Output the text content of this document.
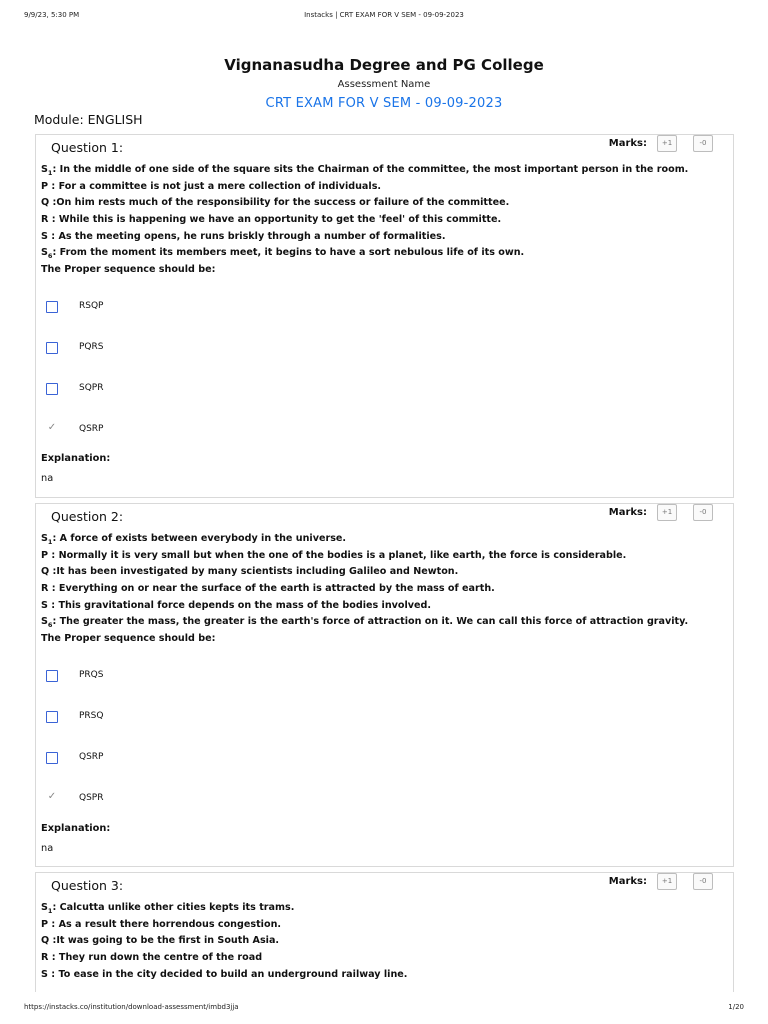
9/9/23, 5:30 PM	Instacks | CRT EXAM FOR V SEM - 09-09-2023
Vignanasudha Degree and PG College
Assessment Name
CRT EXAM FOR V SEM - 09-09-2023
Module: ENGLISH
Question 1:	Marks:	+1	-0
$S_1$: In the middle of one side of the square sits the Chairman of the committee, the most important person in the room.
P : For a committee is not just a mere collection of individuals.
Q :On him rests much of the responsibility for the success or failure of the committee.
R : While this is happening we have an opportunity to get the 'feel' of this committe.
S : As the meeting opens, he runs briskly through a number of formalities.
$S_6$: From the moment its members meet, it begins to have a sort nebulous life of its own.
The Proper sequence should be:
RSQP
PQRS
SQPR
✓	QSRP
Explanation:
na
Question 2:	Marks:	+1	-0
$S_1$: A force of exists between everybody in the universe.
P : Normally it is very small but when the one of the bodies is a planet, like earth, the force is considerable.
Q :It has been investigated by many scientists including Galileo and Newton.
R : Everything on or near the surface of the earth is attracted by the mass of earth.
S : This gravitational force depends on the mass of the bodies involved.
$S_6$: The greater the mass, the greater is the earth's force of attraction on it. We can call this force of attraction gravity.
The Proper sequence should be:
PRQS
PRSQ
QSRP
✓	QSPR
Explanation:
na
Question 3:	Marks:	+1	-0
$S_1$: Calcutta unlike other cities kepts its trams.
P : As a result there horrendous congestion.
Q :It was going to be the first in South Asia.
R : They run down the centre of the road
S : To ease in the city decided to build an underground railway line.
https://instacks.co/institution/download-assessment/imbd3jja	1/20
